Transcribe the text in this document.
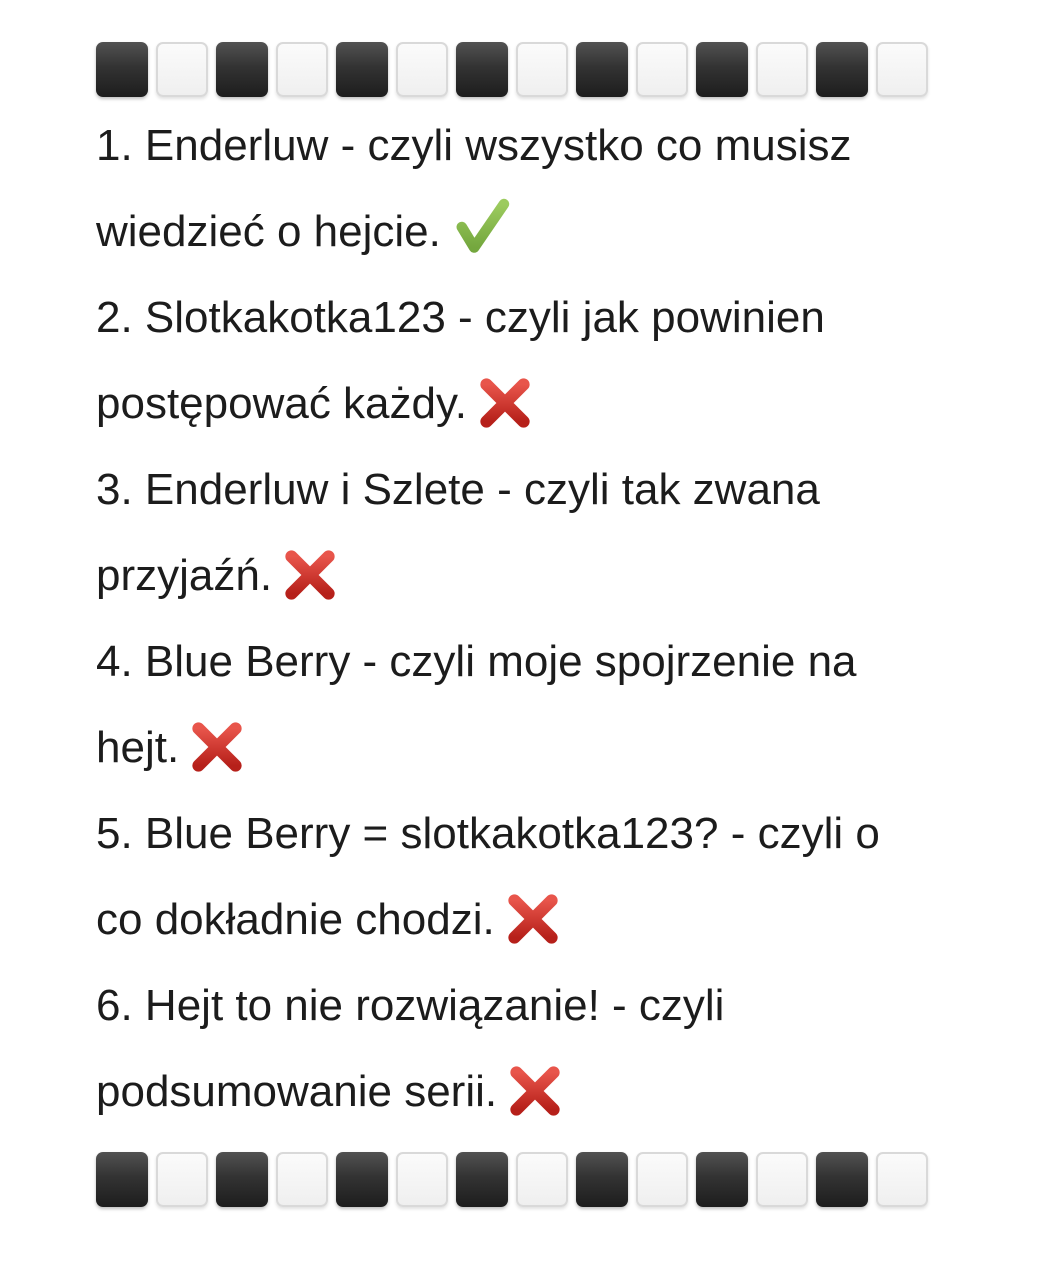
1. Enderluw - czyli wszystko co musisz wiedzieć o hejcie.

2. Slotkakotka123 - czyli jak powinien postępować każdy.

3. Enderluw i Szlete - czyli tak zwana przyjaźń.

4. Blue Berry - czyli moje spojrzenie na hejt.

5. Blue Berry = slotkakotka123? - czyli o co dokładnie chodzi.

6. Hejt to nie rozwiązanie! - czyli podsumowanie serii.
